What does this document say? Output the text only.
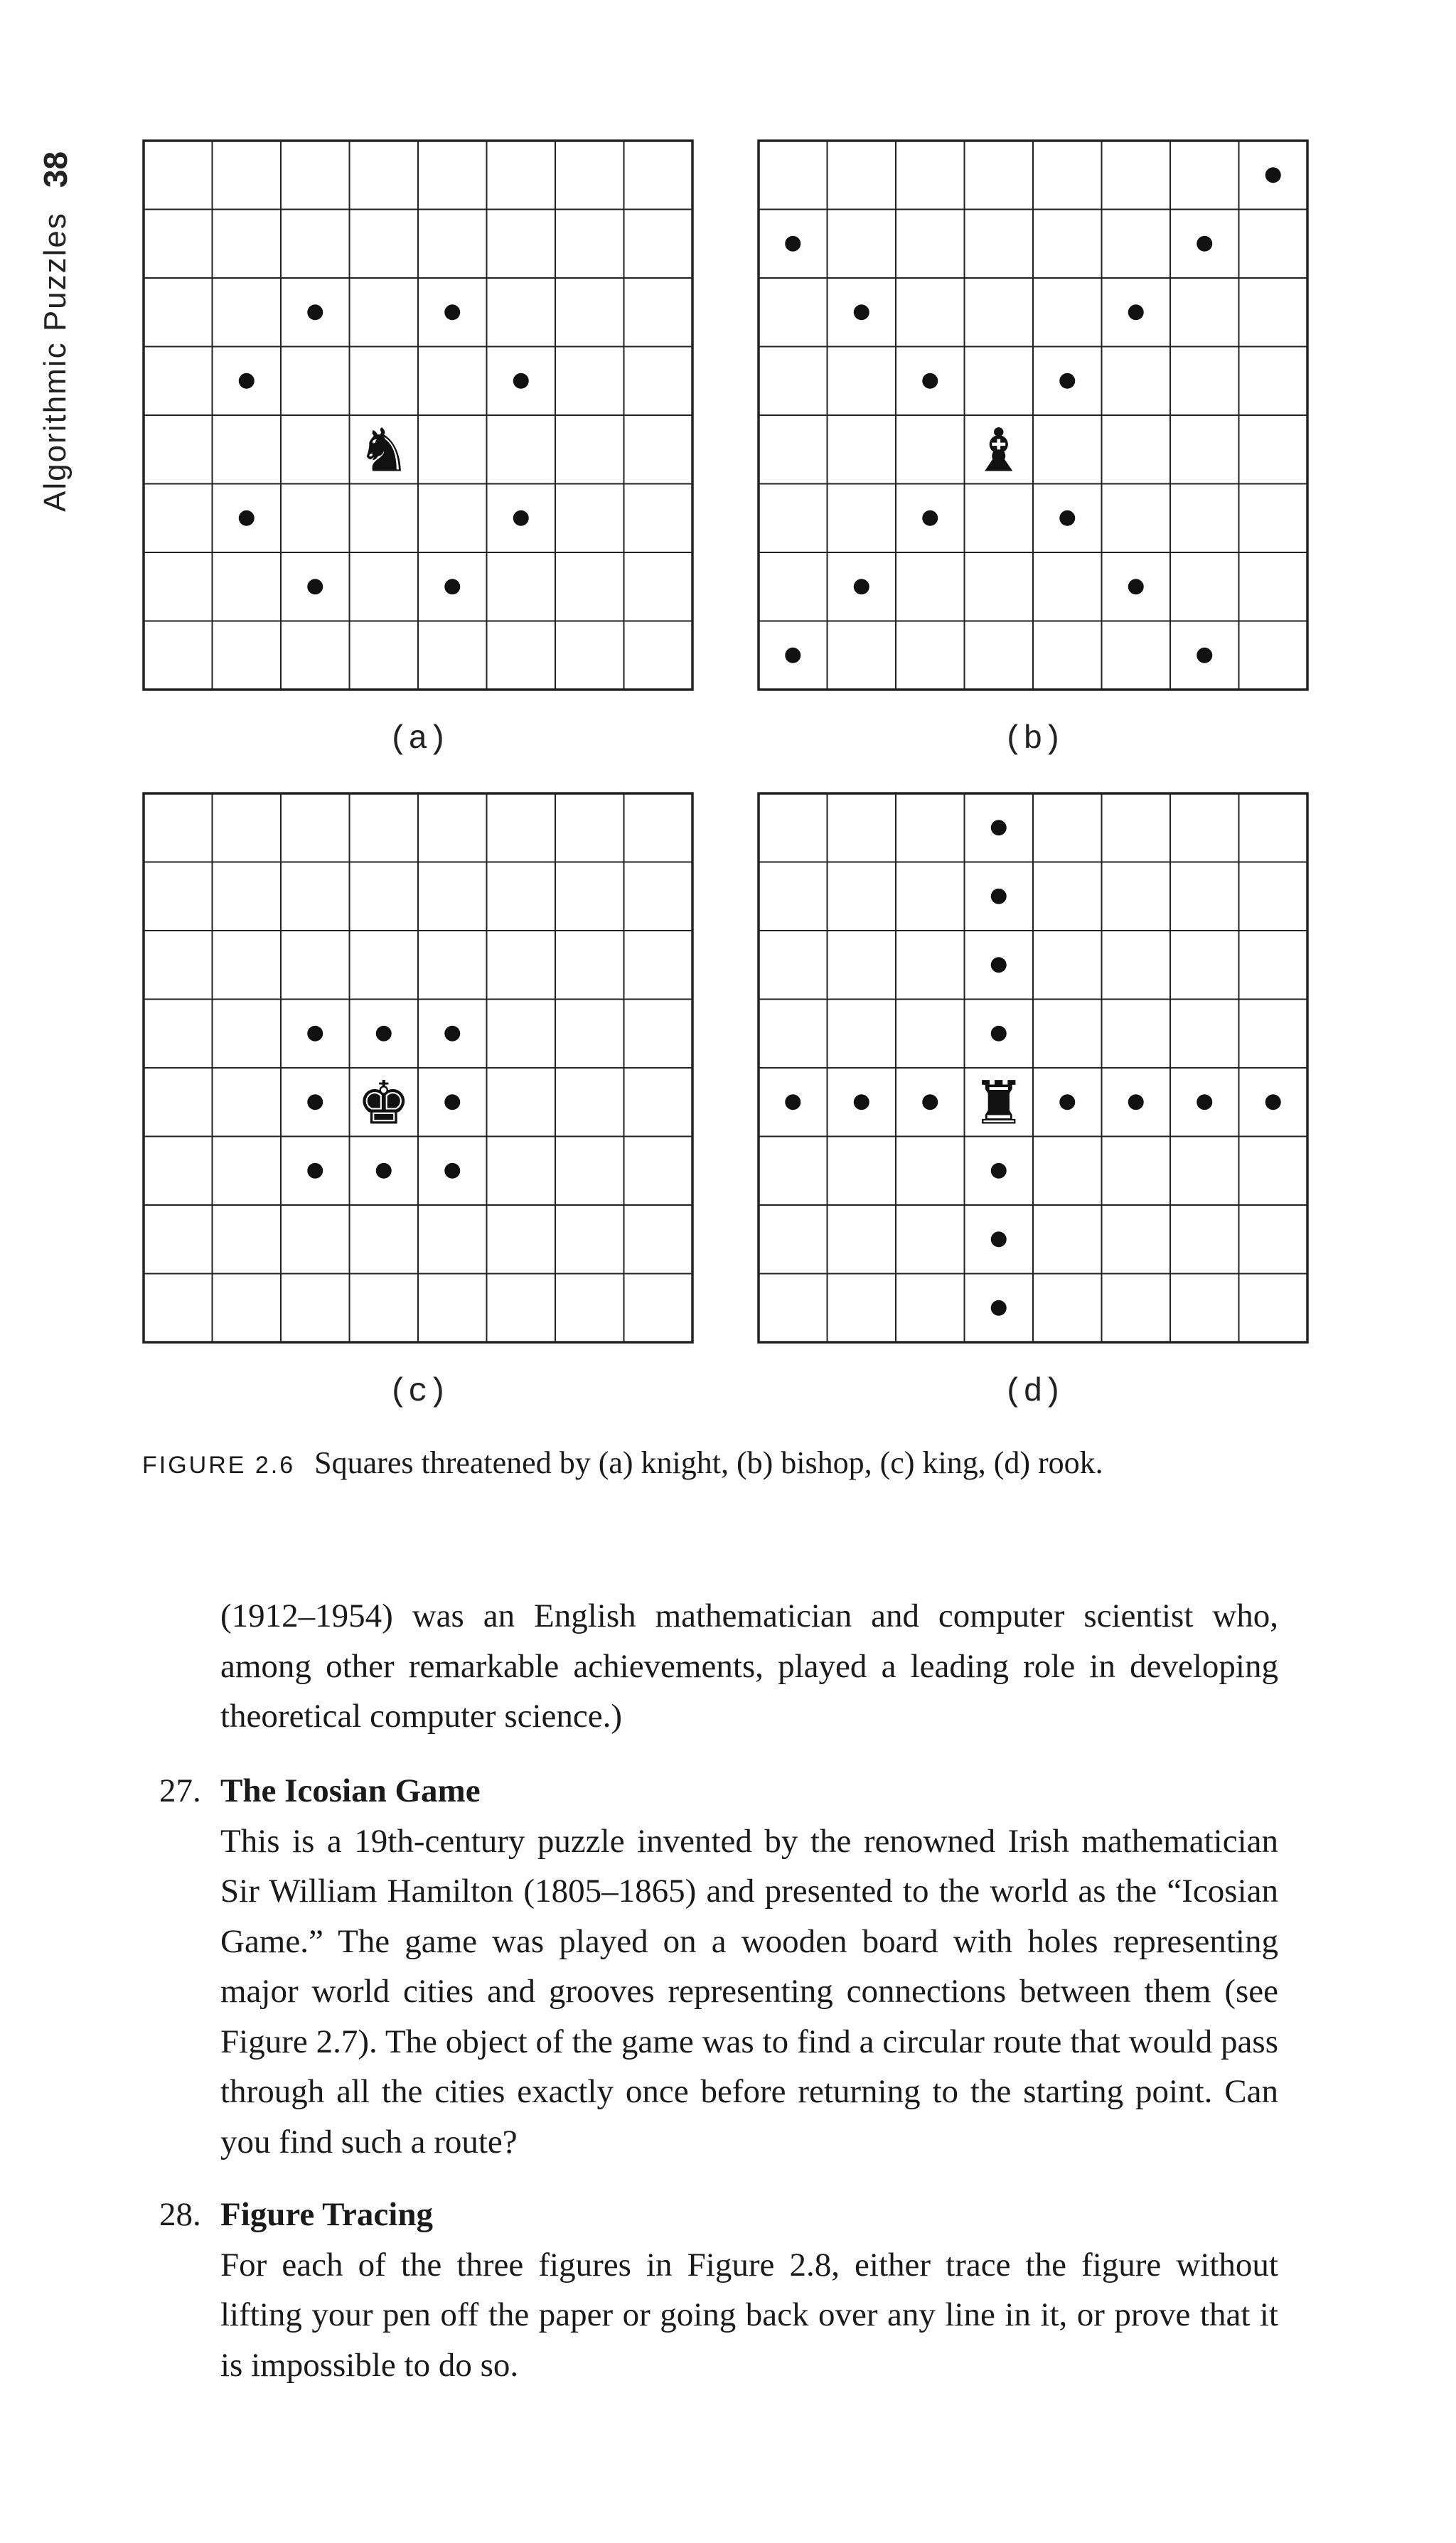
Algorithmic Puzzles
38
♞
(a)
♝
(b)
♚
(c)
♜
(d)
FIGURE 2.6 Squares threatened by (a) knight, (b) bishop, (c) king, (d) rook.
(1912–1954) was an English mathematician and computer scientist who, among other remarkable achievements, played a leading role in developing theoretical computer science.)
27. The Icosian Game
This is a 19th-century puzzle invented by the renowned Irish mathematician Sir William Hamilton (1805–1865) and presented to the world as the “Icosian Game.” The game was played on a wooden board with holes representing major world cities and grooves representing connections between them (see Figure 2.7). The object of the game was to find a circular route that would pass through all the cities exactly once before returning to the starting point. Can you find such a route?
28. Figure Tracing
For each of the three figures in Figure 2.8, either trace the figure without lifting your pen off the paper or going back over any line in it, or prove that it is impossible to do so.
